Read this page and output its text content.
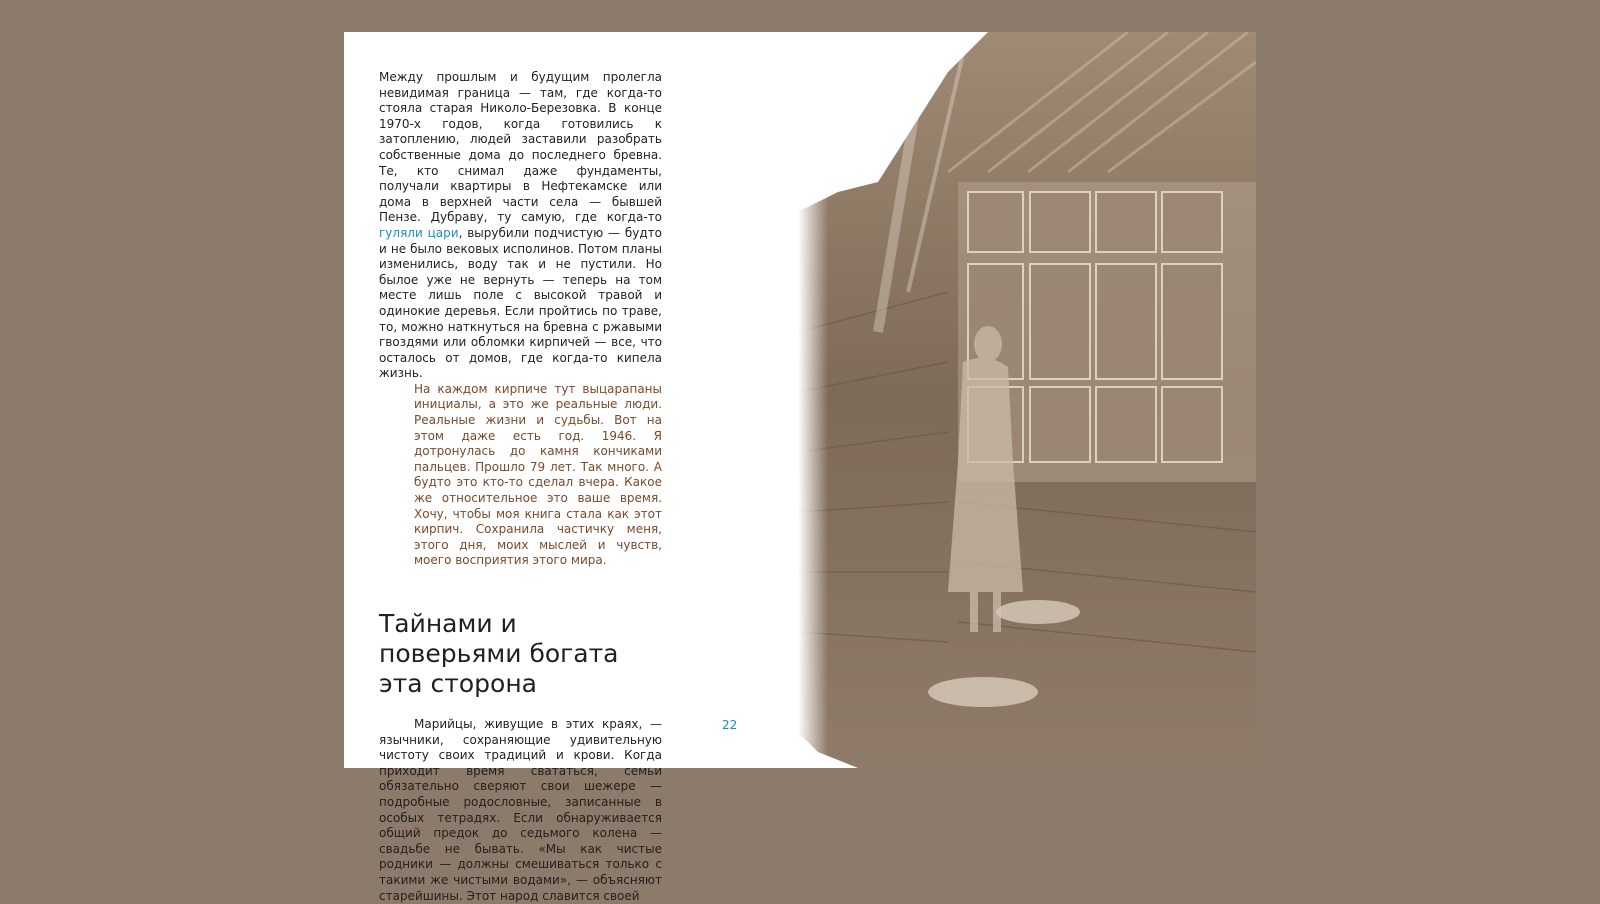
Между прошлым и будущим пролегла невидимая граница — там, где когда-то стояла старая Николо-Березовка. В конце 1970-х годов, когда готовились к затоплению, людей заставили разобрать собственные дома до последнего бревна. Те, кто снимал даже фундаменты, получали квартиры в Нефтекамске или дома в верхней части села — бывшей Пензе. Дубраву, ту самую, где когда-то гуляли цари, вырубили подчистую — будто и не было вековых исполинов. Потом планы изменились, воду так и не пустили. Но былое уже не вернуть — теперь на том месте лишь поле с высокой травой и одинокие деревья. Если пройтись по траве, то, можно наткнуться на бревна с ржавыми гвоздями или обломки кирпичей — все, что осталось от домов, где когда-то кипела жизнь.

На каждом кирпиче тут выцарапаны инициалы, а это же реальные люди. Реальные жизни и судьбы. Вот на этом даже есть год. 1946. Я дотронулась до камня кончиками пальцев. Прошло 79 лет. Так много. А будто это кто-то сделал вчера. Какое же относительное это ваше время. Хочу, чтобы моя книга стала как этот кирпич. Сохранила частичку меня, этого дня, моих мыслей и чувств, моего восприятия этого мира.

Тайнами и поверьями богата эта сторона

Марийцы, живущие в этих краях, — язычники, сохраняющие удивительную чистоту своих традиций и крови. Когда приходит время свататься, семьи обязательно сверяют свои шежере — подробные родословные, записанные в особых тетрадях. Если обнаруживается общий предок до седьмого колена — свадьбе не бывать. «Мы как чистые родники — должны смешиваться только с такими же чистыми водами», — объясняют старейшины. Этот народ славится своей

22
